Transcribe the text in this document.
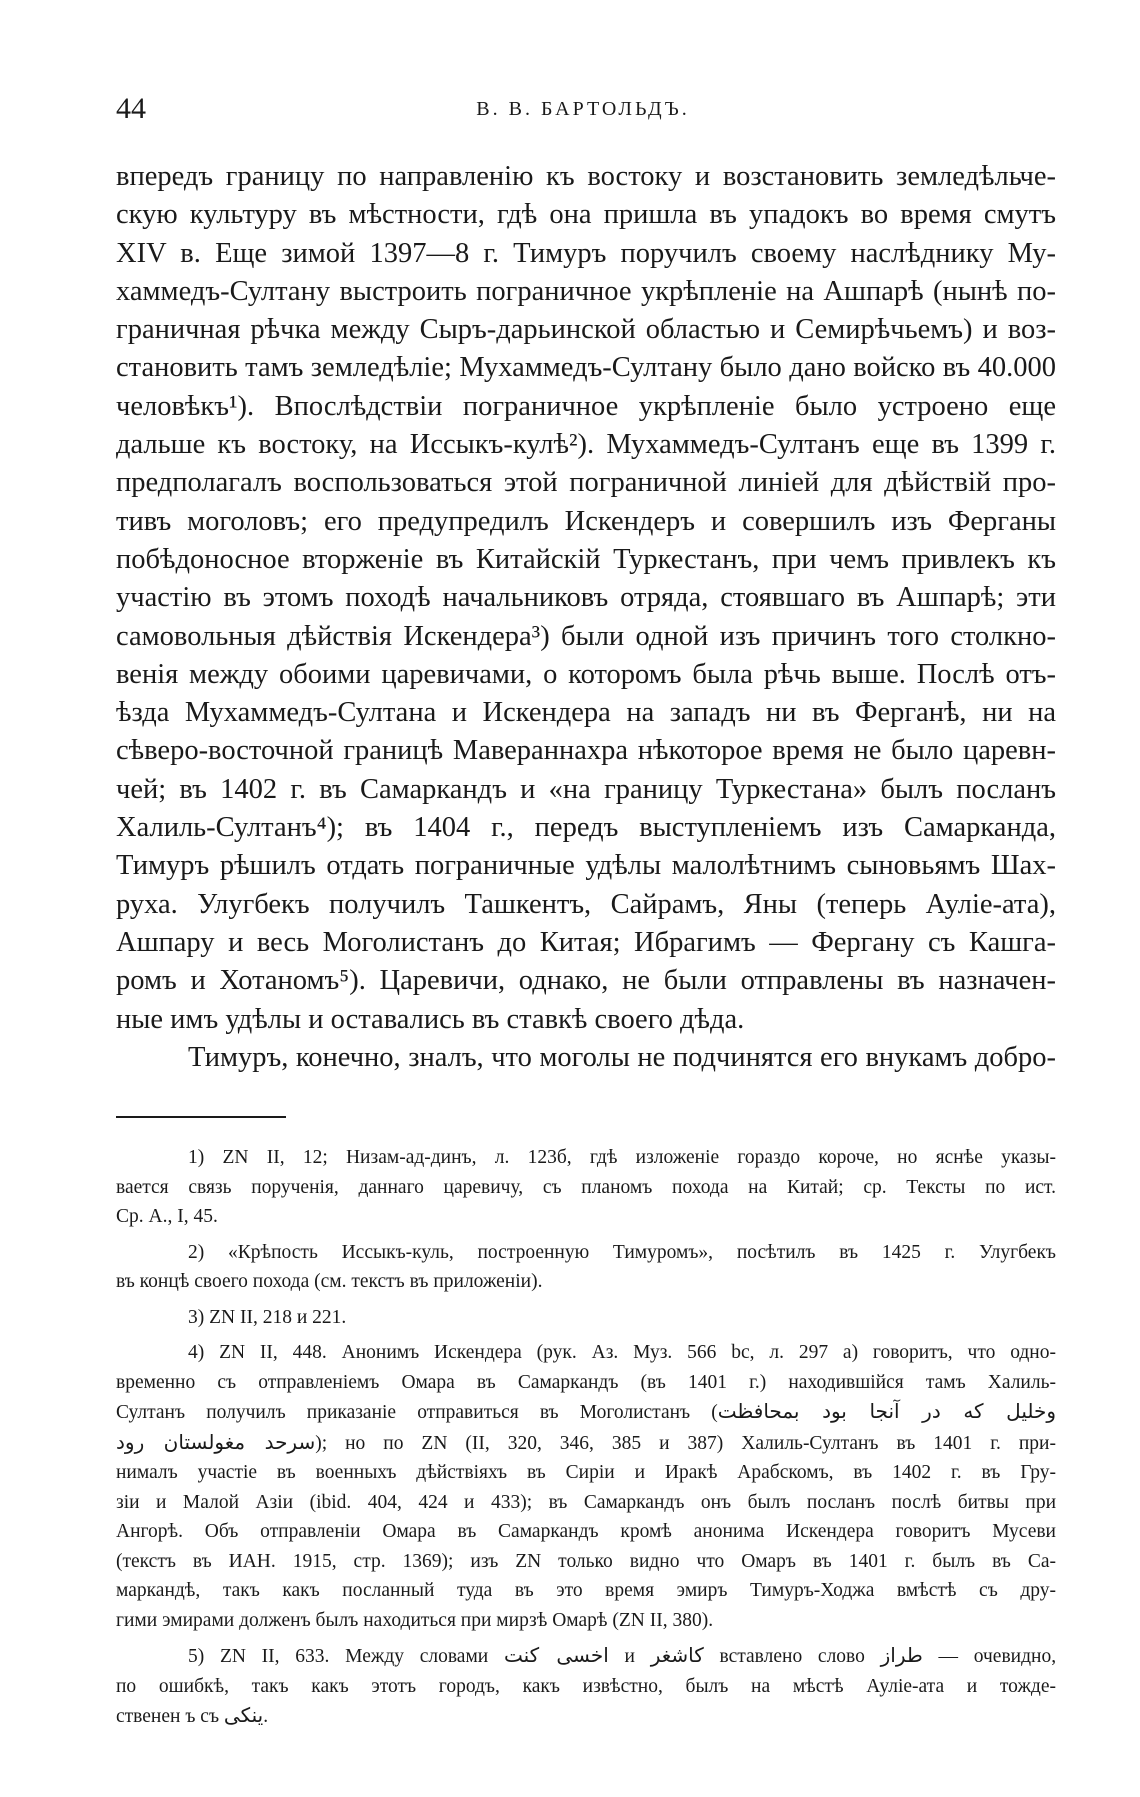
44	В. В. БАРТОЛЬДЪ.
впередъ границу по направленію къ востоку и возстановить земледѣльче-
скую культуру въ мѣстности, гдѣ она пришла въ упадокъ во время смутъ
XIV в. Еще зимой 1397—8 г. Тимуръ поручилъ своему наслѣднику Му-
хаммедъ-Султану выстроить пограничное укрѣпленіе на Ашпарѣ (нынѣ по-
граничная рѣчка между Сыръ-дарьинской областью и Семирѣчьемъ) и воз-
становить тамъ земледѣліе; Мухаммедъ-Султану было дано войско въ 40.000
человѣкъ¹). Впослѣдствіи пограничное укрѣпленіе было устроено еще
дальше къ востоку, на Иссыкъ-кулѣ²). Мухаммедъ-Султанъ еще въ 1399 г.
предполагалъ воспользоваться этой пограничной линіей для дѣйствій про-
тивъ моголовъ; его предупредилъ Искендеръ и совершилъ изъ Ферганы
побѣдоносное вторженіе въ Китайскій Туркестанъ, при чемъ привлекъ къ
участію въ этомъ походѣ начальниковъ отряда, стоявшаго въ Ашпарѣ; эти
самовольныя дѣйствія Искендера³) были одной изъ причинъ того столкно-
венія между обоими царевичами, о которомъ была рѣчь выше. Послѣ отъ-
ѣзда Мухаммедъ-Султана и Искендера на западъ ни въ Ферганѣ, ни на
сѣверо-восточной границѣ Мавераннахра нѣкоторое время не было царевн-
чей; въ 1402 г. въ Самаркандъ и «на границу Туркестана» былъ посланъ
Халиль-Султанъ⁴); въ 1404 г., передъ выступленіемъ изъ Самарканда,
Тимуръ рѣшилъ отдать пограничные удѣлы малолѣтнимъ сыновьямъ Шах-
руха. Улугбекъ получилъ Ташкентъ, Сайрамъ, Яны (теперь Ауліе-ата),
Ашпару и весь Моголистанъ до Китая; Ибрагимъ — Фергану съ Кашга-
ромъ и Хотаномъ⁵). Царевичи, однако, не были отправлены въ назначен-
ные имъ удѣлы и оставались въ ставкѣ своего дѣда.
Тимуръ, конечно, зналъ, что моголы не подчинятся его внукамъ добро-
1) ZN II, 12; Низам-ад-динъ, л. 123б, гдѣ изложеніе гораздо короче, но яснѣе указы-
вается связь порученія, даннаго царевичу, съ планомъ похода на Китай; ср. Тексты по ист.
Ср. А., I, 45.
2) «Крѣпость Иссыкъ-куль, построенную Тимуромъ», посѣтилъ въ 1425 г. Улугбекъ
въ концѣ своего похода (см. текстъ въ приложеніи).
3) ZN II, 218 и 221.
4) ZN II, 448. Анонимъ Искендера (рук. Аз. Муз. 566 bс, л. 297 а) говоритъ, что одно-
временно съ отправленіемъ Омара въ Самаркандъ (въ 1401 г.) находившійся тамъ Халиль-
Султанъ получилъ приказаніе отправиться въ Моголистанъ (وخلیل که در آنجا بود بمحافظت
سرحد مغولستان رود); но по ZN (II, 320, 346, 385 и 387) Халиль-Султанъ въ 1401 г. при-
нималъ участіе въ военныхъ дѣйствіяхъ въ Сиріи и Иракѣ Арабскомъ, въ 1402 г. въ Гру-
зіи и Малой Азіи (ibid. 404, 424 и 433); въ Самаркандъ онъ былъ посланъ послѣ битвы при
Ангорѣ. Объ отправленіи Омара въ Самаркандъ кромѣ анонима Искендера говоритъ Мусеви
(текстъ въ ИАН. 1915, стр. 1369); изъ ZN только видно что Омаръ въ 1401 г. былъ въ Са-
маркандѣ, такъ какъ посланный туда въ это время эмиръ Тимуръ-Ходжа вмѣстѣ съ дру-
гими эмирами долженъ былъ находиться при мирзѣ Омарѣ (ZN II, 380).
5) ZN II, 633. Между словами اخسی کنت и کاشغر вставлено слово طراز — очевидно,
по ошибкѣ, такъ какъ этотъ городъ, какъ извѣстно, былъ на мѣстѣ Ауліе-ата и тожде-
ственен ъ съ ینکی.
